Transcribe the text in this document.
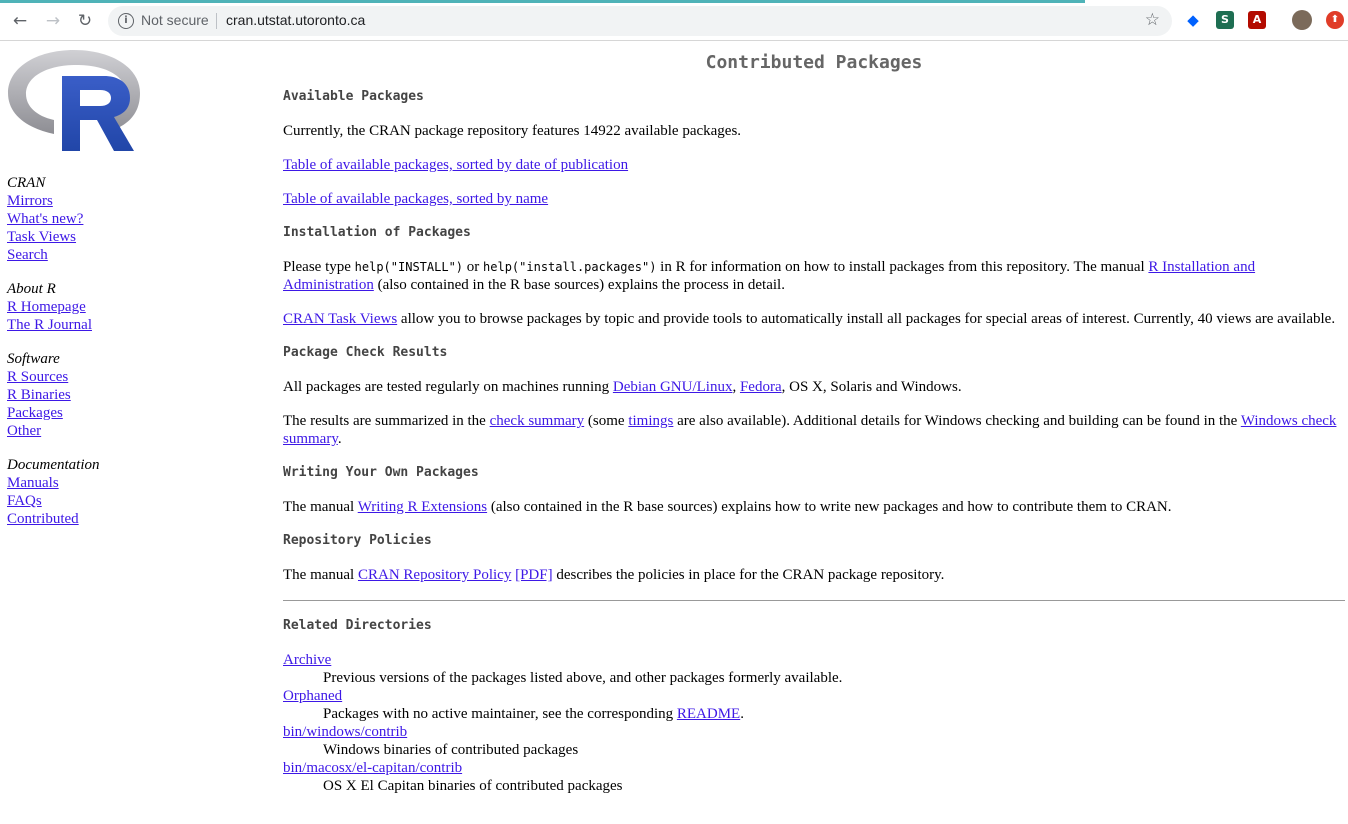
← → ↻	i Not secure cran.utstat.utoronto.ca	☆ ◆	S	A	⬆
CRAN
Mirrors
What's new?
Task Views
Search
About R
R Homepage
The R Journal
Software
R Sources
R Binaries
Packages
Other
Documentation
Manuals
FAQs
Contributed
Contributed Packages
Available Packages

Currently, the CRAN package repository features 14922 available packages.

Table of available packages, sorted by date of publication

Table of available packages, sorted by name

Installation of Packages

Please type help("INSTALL") or help("install.packages") in R for information on how to install packages from this repository. The manual R Installation and Administration (also contained in the R base sources) explains the process in detail.

CRAN Task Views allow you to browse packages by topic and provide tools to automatically install all packages for special areas of interest. Currently, 40 views are available.

Package Check Results

All packages are tested regularly on machines running Debian GNU/Linux, Fedora, OS X, Solaris and Windows.

The results are summarized in the check summary (some timings are also available). Additional details for Windows checking and building can be found in the Windows check summary.

Writing Your Own Packages

The manual Writing R Extensions (also contained in the R base sources) explains how to write new packages and how to contribute them to CRAN.

Repository Policies

The manual CRAN Repository Policy [PDF] describes the policies in place for the CRAN package repository.

Related Directories
Archive
Previous versions of the packages listed above, and other packages formerly available.
Orphaned
Packages with no active maintainer, see the corresponding README.
bin/windows/contrib
Windows binaries of contributed packages
bin/macosx/el-capitan/contrib
OS X El Capitan binaries of contributed packages
